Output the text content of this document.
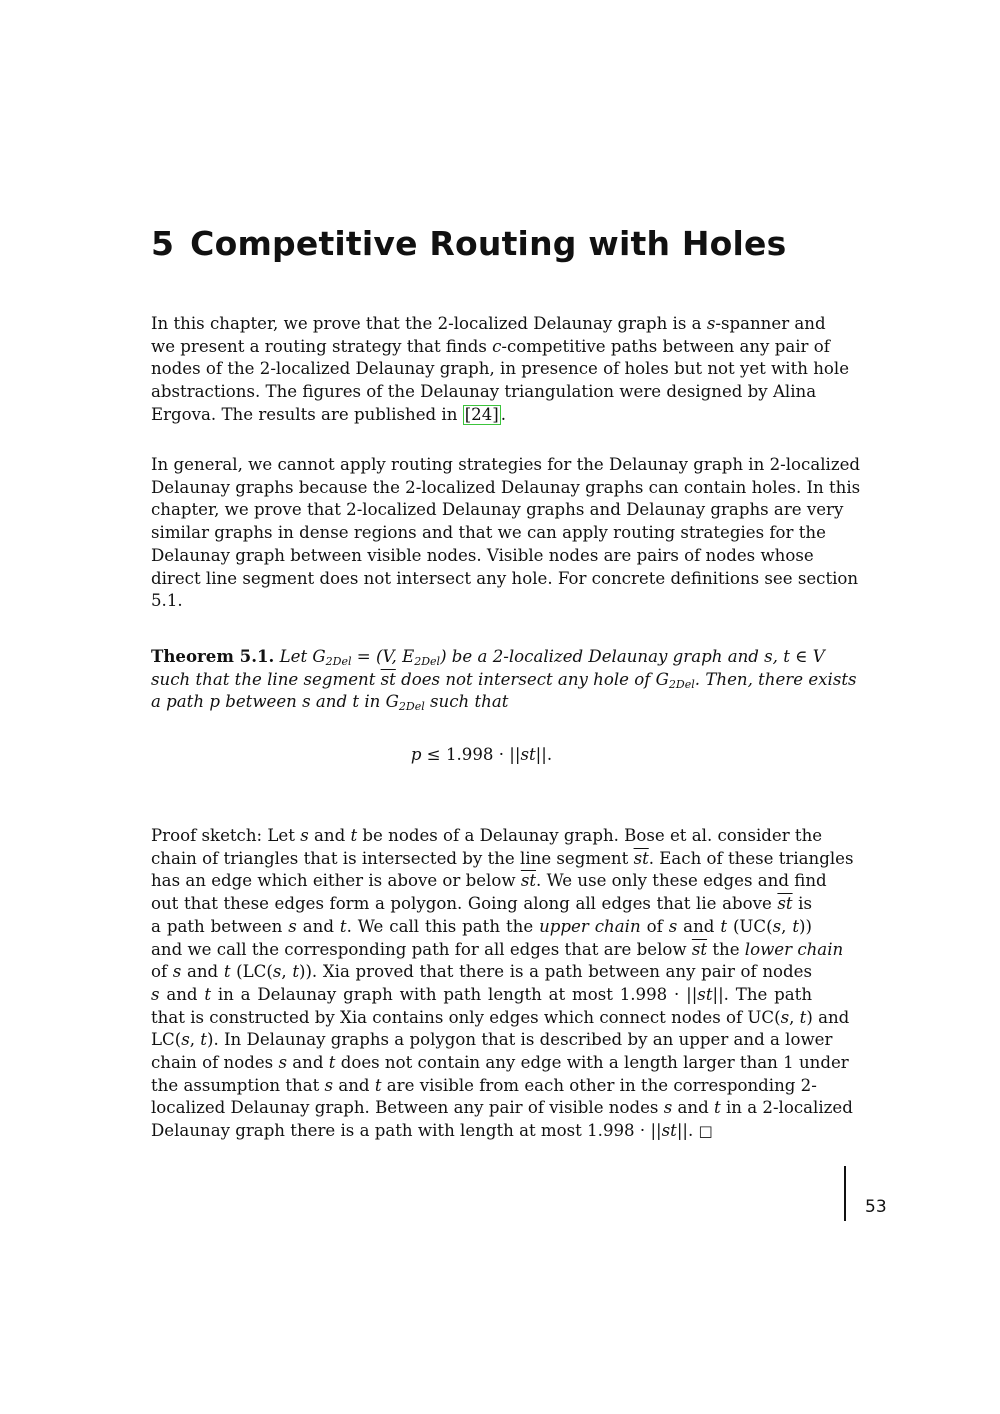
5 Competitive Routing with Holes

In this chapter, we prove that the 2-localized Delaunay graph is a s-spanner and
we present a routing strategy that finds c-competitive paths between any pair of
nodes of the 2-localized Delaunay graph, in presence of holes but not yet with hole
abstractions. The figures of the Delaunay triangulation were designed by Alina
Ergova. The results are published in [24] .

In general, we cannot apply routing strategies for the Delaunay graph in 2-localized
Delaunay graphs because the 2-localized Delaunay graphs can contain holes. In this
chapter, we prove that 2-localized Delaunay graphs and Delaunay graphs are very
similar graphs in dense regions and that we can apply routing strategies for the
Delaunay graph between visible nodes. Visible nodes are pairs of nodes whose
direct line segment does not intersect any hole. For concrete definitions see section
5.1.

Theorem 5.1. Let $G_{2Del} = (V$, $E_{2Del}$) be a 2-localized Delaunay graph and s, t ∈ V
such that the line segment $\overline{st}$ does not intersect any hole of $G_{2Del}$. Then, there exists
a path p between s and t in $G_{2Del}$ such that

p ≤ 1.998 · ||st||.

Proof sketch: Let s and t be nodes of a Delaunay graph. Bose et al. consider the
chain of triangles that is intersected by the line segment $\overline{st}$. Each of these triangles
has an edge which either is above or below $\overline{st}$. We use only these edges and find
out that these edges form a polygon. Going along all edges that lie above $\overline{st}$ is
a path between s and t. We call this path the upper chain of s and t (UC(s, t))
and we call the corresponding path for all edges that are below $\overline{st}$ the lower chain
of s and t (LC(s, t)). Xia proved that there is a path between any pair of nodes
s and t in a Delaunay graph with path length at most 1.998 · ||st||. The path
that is constructed by Xia contains only edges which connect nodes of UC(s, t) and
LC(s, t). In Delaunay graphs a polygon that is described by an upper and a lower
chain of nodes s and t does not contain any edge with a length larger than 1 under
the assumption that s and t are visible from each other in the corresponding 2-
localized Delaunay graph. Between any pair of visible nodes s and t in a 2-localized
Delaunay graph there is a path with length at most 1.998 · ||st||. □

53
